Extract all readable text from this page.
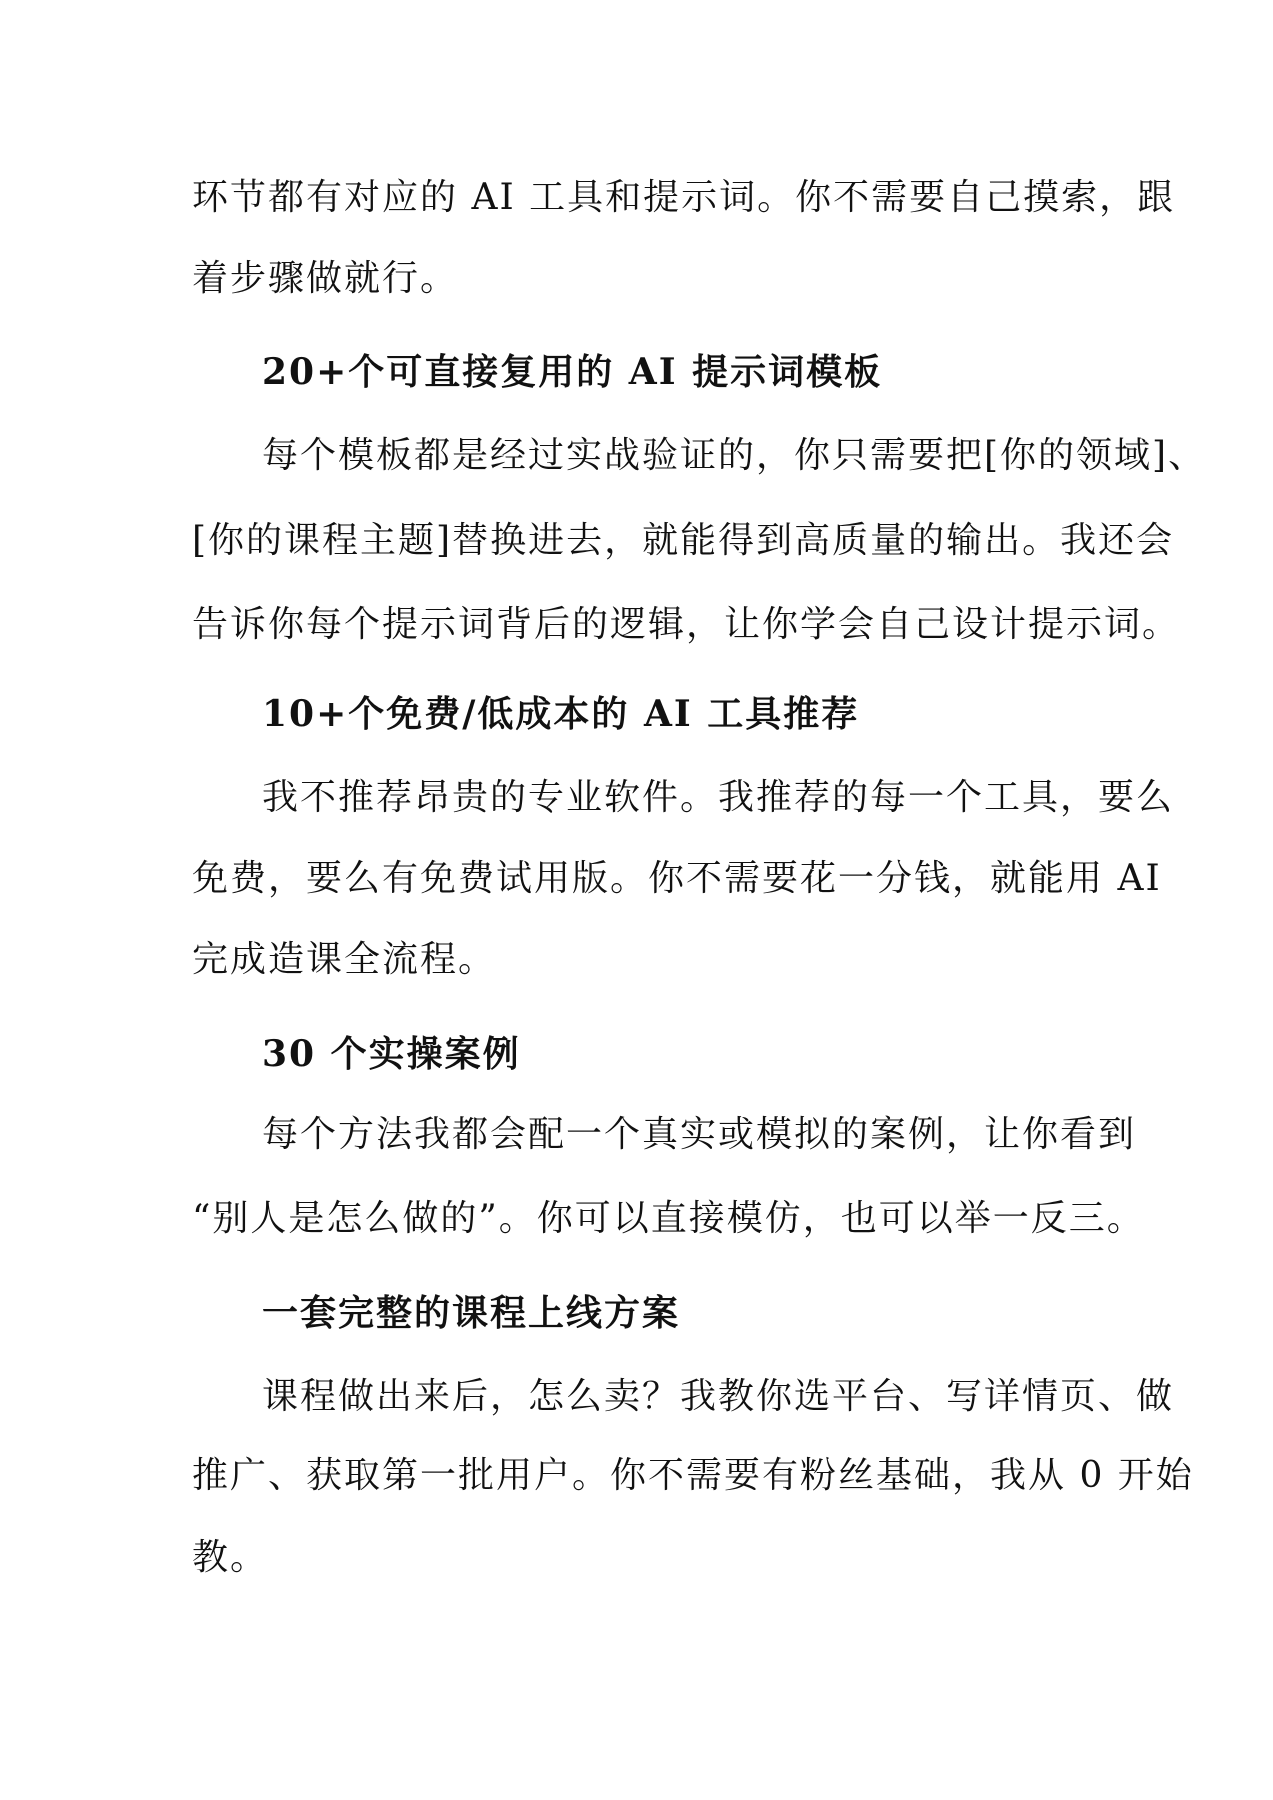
环节都有对应的 AI 工具和提示词。你不需要自己摸索，跟

着步骤做就行。

20+个可直接复用的 AI 提示词模板

每个模板都是经过实战验证的，你只需要把[你的领域]、

[你的课程主题]替换进去，就能得到高质量的输出。我还会

告诉你每个提示词背后的逻辑，让你学会自己设计提示词。

10+个免费/低成本的 AI 工具推荐

我不推荐昂贵的专业软件。我推荐的每一个工具，要么

免费，要么有免费试用版。你不需要花一分钱，就能用 AI

完成造课全流程。

30 个实操案例

每个方法我都会配一个真实或模拟的案例，让你看到

“别人是怎么做的”。你可以直接模仿，也可以举一反三。

一套完整的课程上线方案

课程做出来后，怎么卖？我教你选平台、写详情页、做

推广、获取第一批用户。你不需要有粉丝基础，我从 0 开始

教。
